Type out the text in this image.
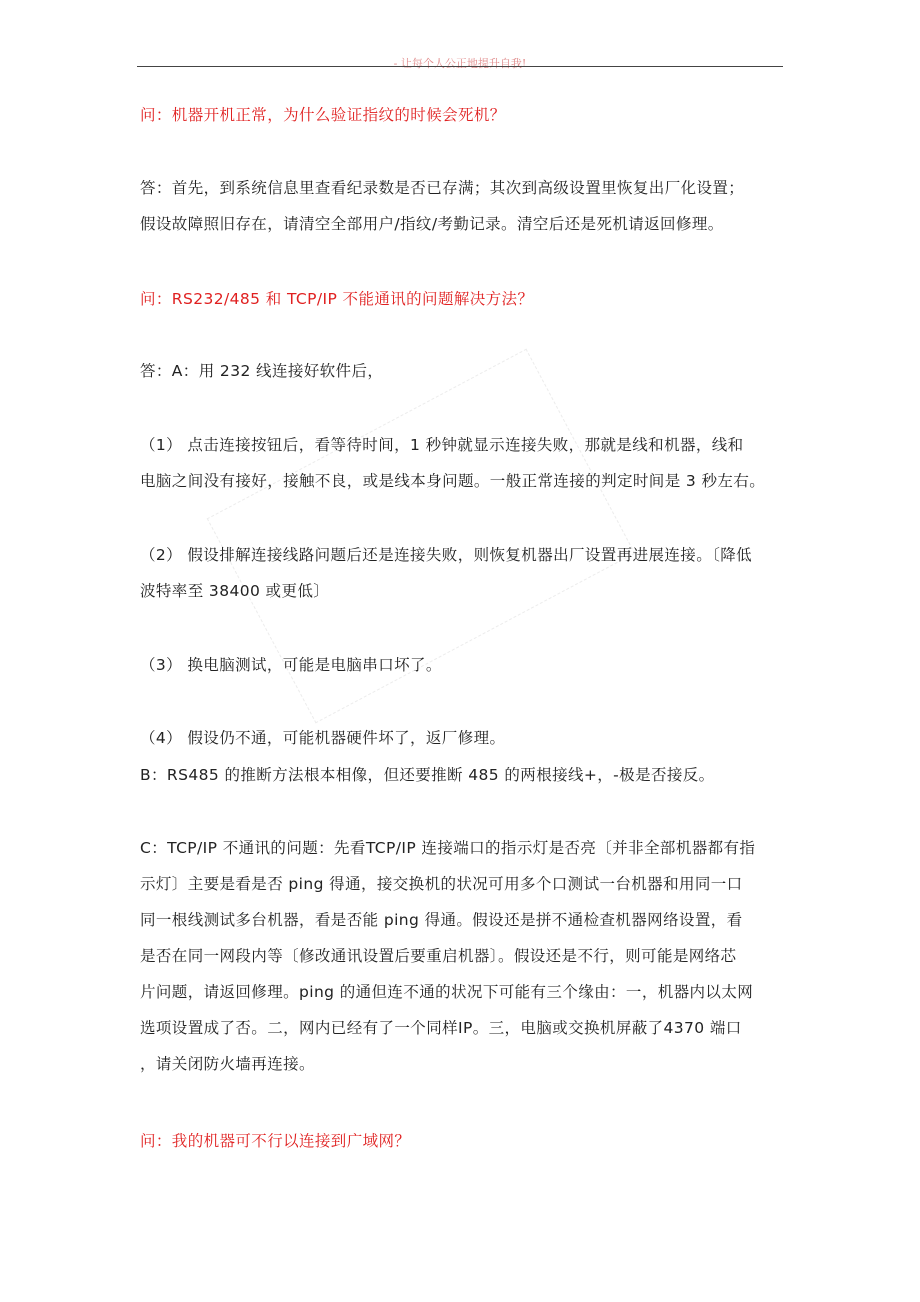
- 让每个人公正地提升自我!

问：机器开机正常，为什么验证指纹的时候会死机？

答：首先，到系统信息里查看纪录数是否已存满；其次到高级设置里恢复出厂化设置；
假设故障照旧存在，请清空全部用户/指纹/考勤记录。清空后还是死机请返回修理。

问：RS232/485 和 TCP/IP 不能通讯的问题解决方法？

答：A：用 232 线连接好软件后，

（1） 点击连接按钮后，看等待时间，1 秒钟就显示连接失败，那就是线和机器，线和
电脑之间没有接好，接触不良，或是线本身问题。一般正常连接的判定时间是 3 秒左右。
（2） 假设排解连接线路问题后还是连接失败，则恢复机器出厂设置再进展连接。〔降低
波特率至 38400 或更低〕

（3） 换电脑测试，可能是电脑串口坏了。

（4） 假设仍不通，可能机器硬件坏了，返厂修理。

B：RS485 的推断方法根本相像，但还要推断 485 的两根接线+，-极是否接反。

C：TCP/IP 不通讯的问题：先看TCP/IP 连接端口的指示灯是否亮〔并非全部机器都有指
示灯〕主要是看是否 ping 得通，接交换机的状况可用多个口测试一台机器和用同一口
同一根线测试多台机器，看是否能 ping 得通。假设还是拼不通检查机器网络设置，看
是否在同一网段内等〔修改通讯设置后要重启机器〕。假设还是不行，则可能是网络芯
片问题，请返回修理。ping 的通但连不通的状况下可能有三个缘由：一，机器内以太网
选项设置成了否。二，网内已经有了一个同样IP。三，电脑或交换机屏蔽了4370 端口
，请关闭防火墙再连接。

问：我的机器可不行以连接到广域网？
